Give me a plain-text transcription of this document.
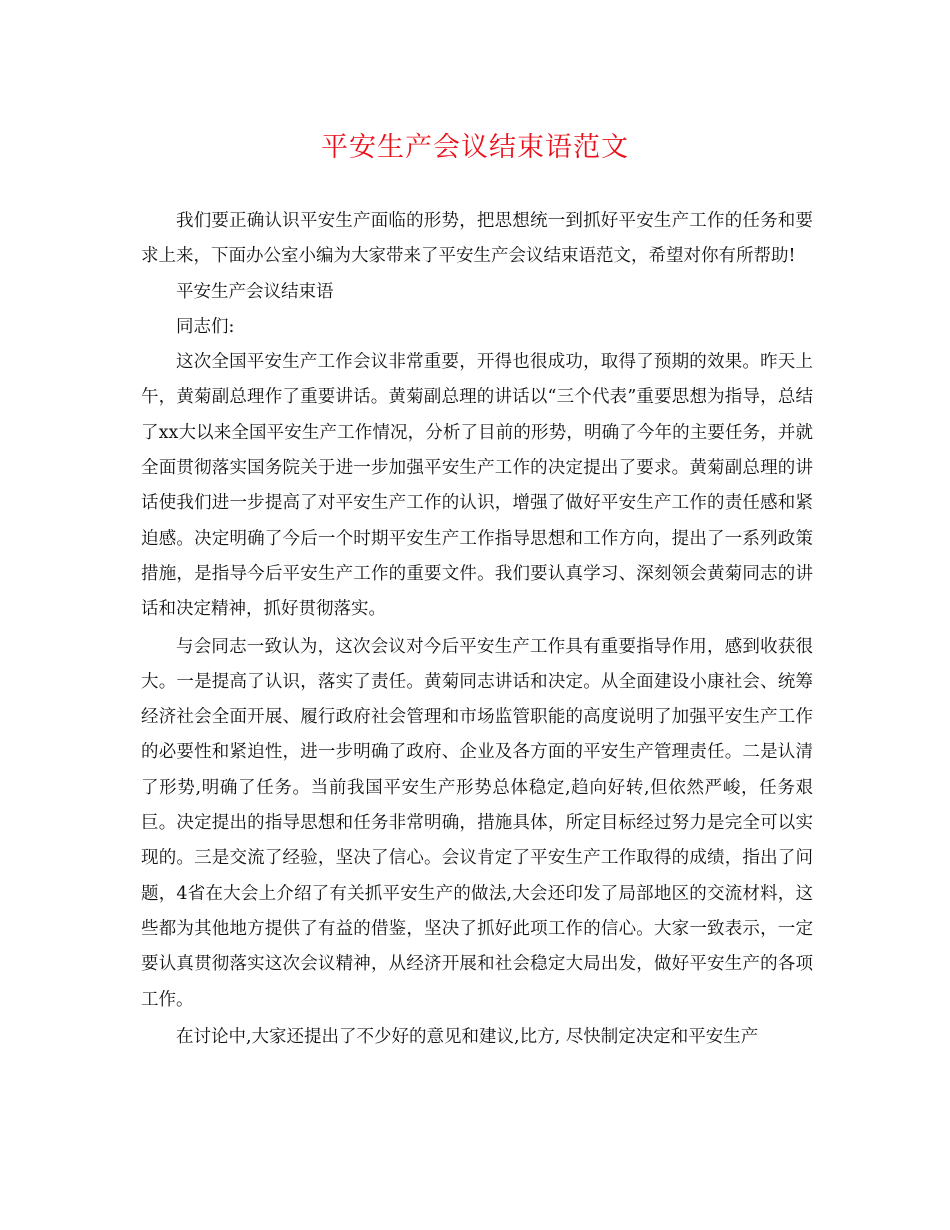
平安生产会议结束语范文

我们要正确认识平安生产面临的形势，把思想统一到抓好平安生产工作的任务和要求上来，下面办公室小编为大家带来了平安生产会议结束语范文，希望对你有所帮助!

平安生产会议结束语

同志们:

这次全国平安生产工作会议非常重要，开得也很成功，取得了预期的效果。昨天上午，黄菊副总理作了重要讲话。黄菊副总理的讲话以“三个代表”重要思想为指导，总结了xx大以来全国平安生产工作情况，分析了目前的形势，明确了今年的主要任务，并就全面贯彻落实国务院关于进一步加强平安生产工作的决定提出了要求。黄菊副总理的讲话使我们进一步提高了对平安生产工作的认识，增强了做好平安生产工作的责任感和紧迫感。决定明确了今后一个时期平安生产工作指导思想和工作方向，提出了一系列政策措施，是指导今后平安生产工作的重要文件。我们要认真学习、深刻领会黄菊同志的讲话和决定精神，抓好贯彻落实。

与会同志一致认为，这次会议对今后平安生产工作具有重要指导作用，感到收获很大。一是提高了认识，落实了责任。黄菊同志讲话和决定。从全面建设小康社会、统筹经济社会全面开展、履行政府社会管理和市场监管职能的高度说明了加强平安生产工作的必要性和紧迫性，进一步明确了政府、企业及各方面的平安生产管理责任。二是认清了形势,明确了任务。当前我国平安生产形势总体稳定,趋向好转,但依然严峻，任务艰巨。决定提出的指导思想和任务非常明确，措施具体，所定目标经过努力是完全可以实现的。三是交流了经验，坚决了信心。会议肯定了平安生产工作取得的成绩，指出了问题，4省在大会上介绍了有关抓平安生产的做法,大会还印发了局部地区的交流材料，这些都为其他地方提供了有益的借鉴，坚决了抓好此项工作的信心。大家一致表示，一定要认真贯彻落实这次会议精神，从经济开展和社会稳定大局出发，做好平安生产的各项工作。

在讨论中,大家还提出了不少好的意见和建议,比方, 尽快制定决定和平安生产
